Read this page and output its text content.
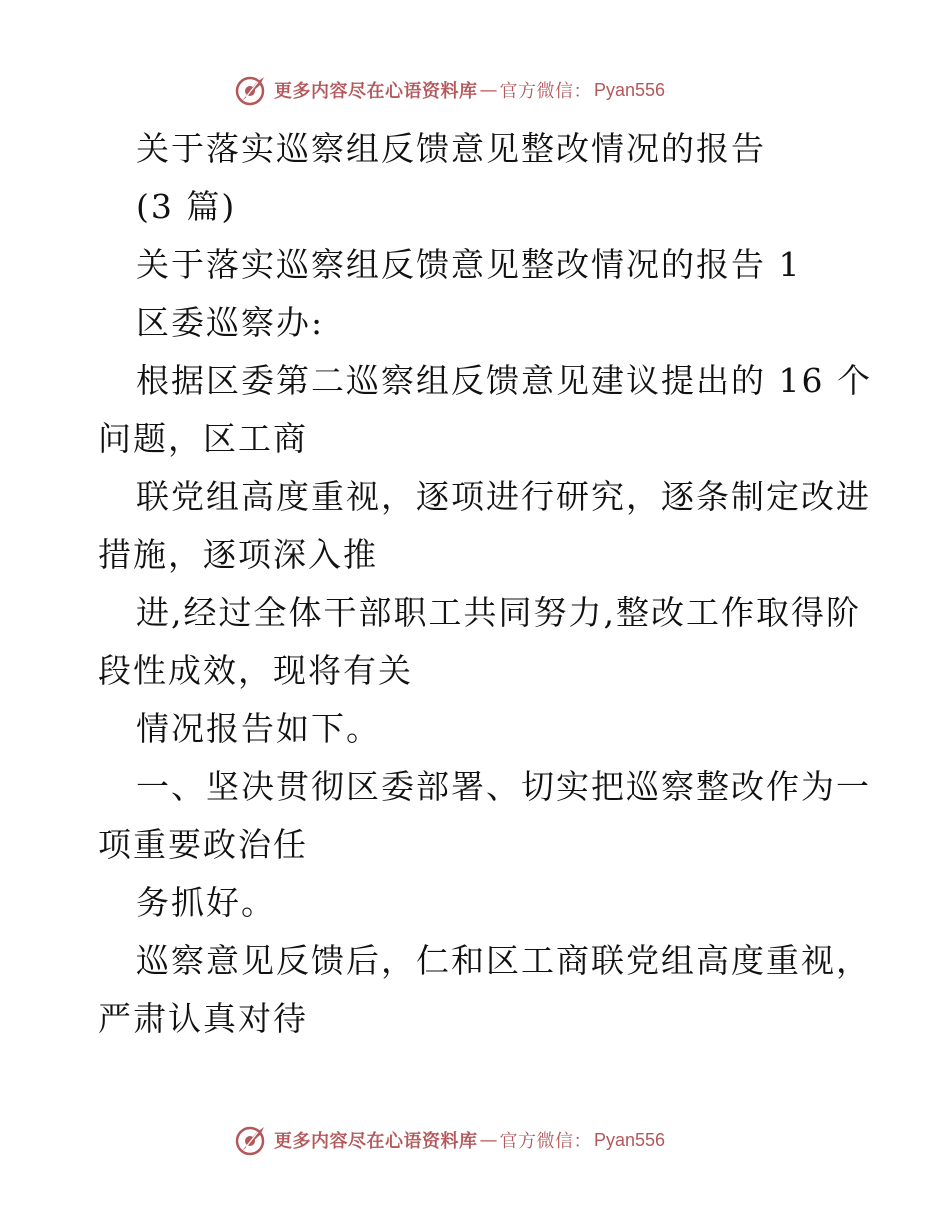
更多内容尽在心语资料库 — 官方微信： Pyan556
关于落实巡察组反馈意见整改情况的报告
(3 篇)
关于落实巡察组反馈意见整改情况的报告 1
区委巡察办:
根据区委第二巡察组反馈意见建议提出的 16 个
问题，区工商
联党组高度重视，逐项进行研究，逐条制定改进
措施，逐项深入推
进,经过全体干部职工共同努力,整改工作取得阶
段性成效，现将有关
情况报告如下。
一、坚决贯彻区委部署、切实把巡察整改作为一
项重要政治任
务抓好。
巡察意见反馈后，仁和区工商联党组高度重视，
严肃认真对待
更多内容尽在心语资料库 — 官方微信： Pyan556
